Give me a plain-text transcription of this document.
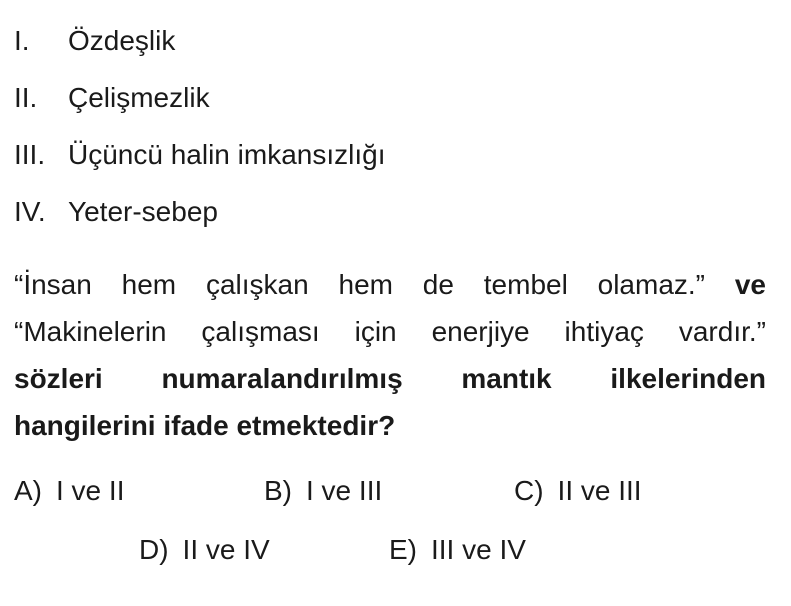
I. Özdeşlik
II. Çelişmezlik
III. Üçüncü halin imkansızlığı
IV. Yeter-sebep
“İnsan hem çalışkan hem de tembel olamaz.” ve
“Makinelerin çalışması için enerjiye ihtiyaç vardır.”
sözleri numaralandırılmış mantık ilkelerinden
hangilerini ifade etmektedir?
A) I ve II	B) I ve III	C) II ve III
D) II ve IV	E) III ve IV
